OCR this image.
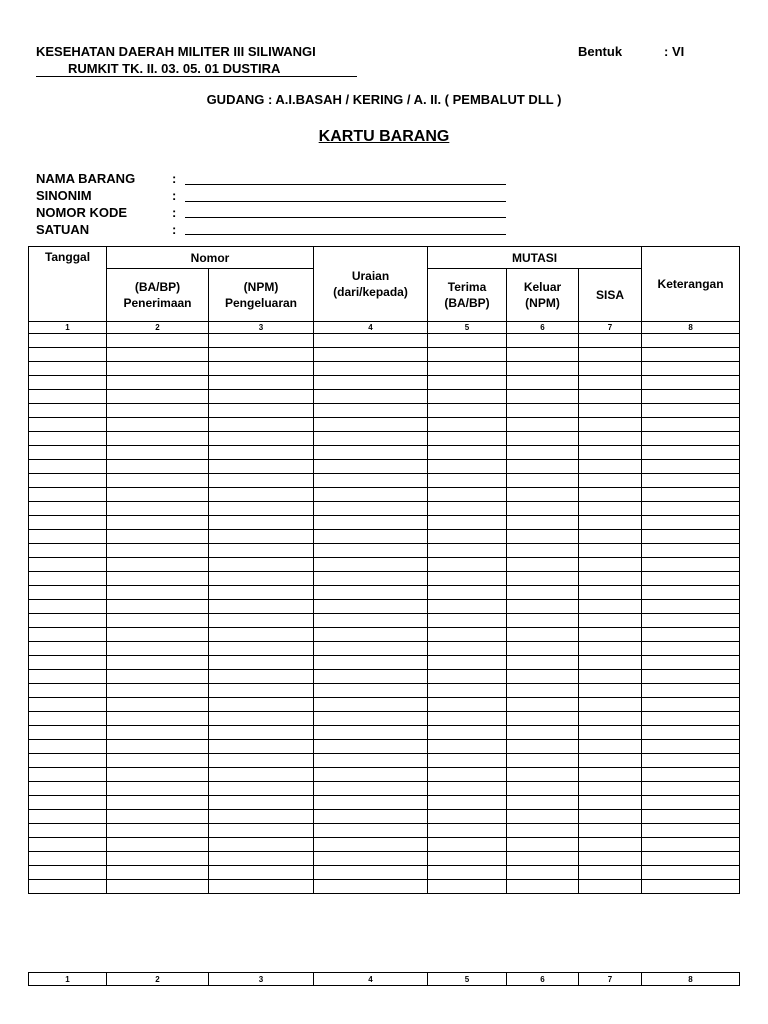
KESEHATAN DAERAH MILITER III SILIWANGI
RUMKIT TK. II. 03. 05. 01 DUSTIRA
Bentuk	: VI
GUDANG : A.I.BASAH / KERING / A. II. ( PEMBALUT DLL )
KARTU BARANG
NAMA BARANG	:
SINONIM	:
NOMOR KODE	:
SATUAN	:
Tanggal	Nomor		Uraian (dari/kepada)	MUTASI			Keterangan
	(BA/BP) Penerimaan	(NPM) Pengeluaran		Terima (BA/BP)	Keluar (NPM)	SISA	
1	2	3	4	5	6	7	8

1	2	3	4	5	6	7	8
